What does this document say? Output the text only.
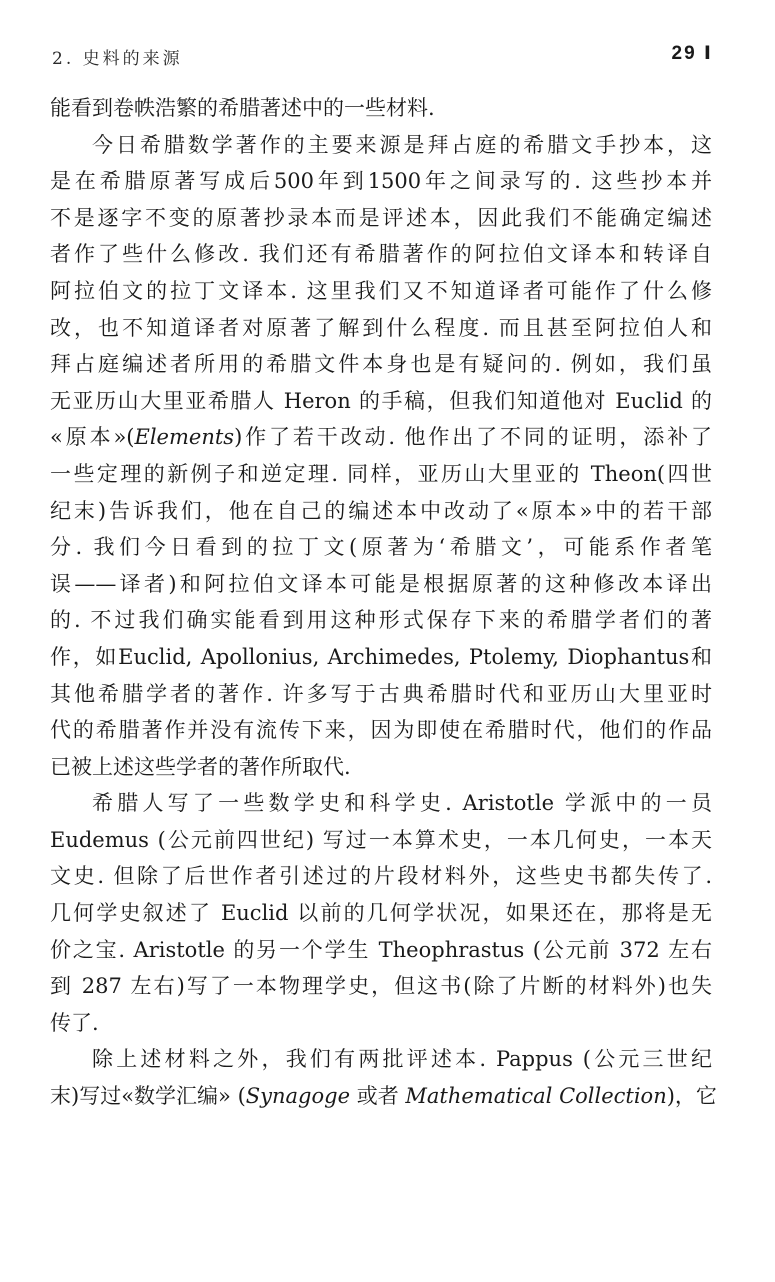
2. 史料的来源	29 Ⅰ
能看到卷帙浩繁的希腊著述中的一些材料.
今日希腊数学著作的主要来源是拜占庭的希腊文手抄本，这
是在希腊原著写成后500年到1500年之间录写的. 这些抄本并
不是逐字不变的原著抄录本而是评述本，因此我们不能确定编述
者作了些什么修改. 我们还有希腊著作的阿拉伯文译本和转译自
阿拉伯文的拉丁文译本. 这里我们又不知道译者可能作了什么修
改，也不知道译者对原著了解到什么程度. 而且甚至阿拉伯人和
拜占庭编述者所用的希腊文件本身也是有疑问的. 例如，我们虽
无亚历山大里亚希腊人 Heron 的手稿，但我们知道他对 Euclid 的
«原本»(Elements)作了若干改动. 他作出了不同的证明，添补了
一些定理的新例子和逆定理. 同样，亚历山大里亚的 Theon(四世
纪末)告诉我们，他在自己的编述本中改动了«原本»中的若干部
分. 我们今日看到的拉丁文(原著为‘希腊文’，可能系作者笔
误——译者)和阿拉伯文译本可能是根据原著的这种修改本译出
的. 不过我们确实能看到用这种形式保存下来的希腊学者们的著
作，如Euclid, Apollonius, Archimedes, Ptolemy, Diophantus和
其他希腊学者的著作. 许多写于古典希腊时代和亚历山大里亚时
代的希腊著作并没有流传下来，因为即使在希腊时代，他们的作品
已被上述这些学者的著作所取代.
希腊人写了一些数学史和科学史. Aristotle 学派中的一员
Eudemus (公元前四世纪) 写过一本算术史，一本几何史，一本天
文史. 但除了后世作者引述过的片段材料外，这些史书都失传了.
几何学史叙述了 Euclid 以前的几何学状况，如果还在，那将是无
价之宝. Aristotle 的另一个学生 Theophrastus (公元前 372 左右
到 287 左右)写了一本物理学史，但这书(除了片断的材料外)也失
传了.
除上述材料之外，我们有两批评述本. Pappus (公元三世纪
末)写过«数学汇编» (Synagoge 或者 Mathematical Collection)，它
